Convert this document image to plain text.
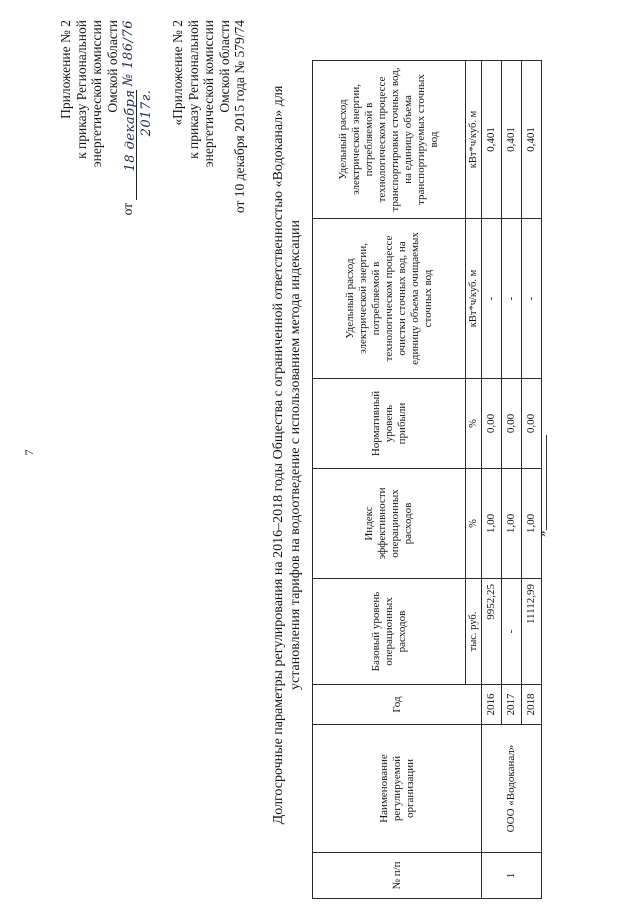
7
Приложение № 2 к приказу Региональной энергетической комиссии Омской области
от 18 декабря 2017г. № 186/76	«Приложение № 2 к приказу Региональной энергетической комиссии Омской области от 10 декабря 2015 года № 579/74 Долгосрочные параметры регулирования на 2016–2018 годы Общества с ограниченной ответственностью «Водоканал» для установления тарифов на водоотведение с использованием метода индексации
№ п/п	Наименование регулируемой организации	Год	Базовый уровень операционных расходов	Индекс эффективности операционных расходов	Нормативный уровень прибыли	Удельный расход электрической энергии, потребляемой в технологическом процессе очистки сточных вод, на единицу объема очищаемых сточных вод	Удельный расход электрической энергии, потребляемой в технологическом процессе транспортировки сточных вод, на единицу объема транспортируемых сточных вод
			тыс. руб.	%	%	кВт*ч/куб. м	кВт*ч/куб. м
1	ООО «Водоканал»	2016	9952,25	1,00	0,00	-	0,401
		2017	-	1,00	0,00	-	0,401
		2018	11112,99	1,00	0,00	-	0,401
»
